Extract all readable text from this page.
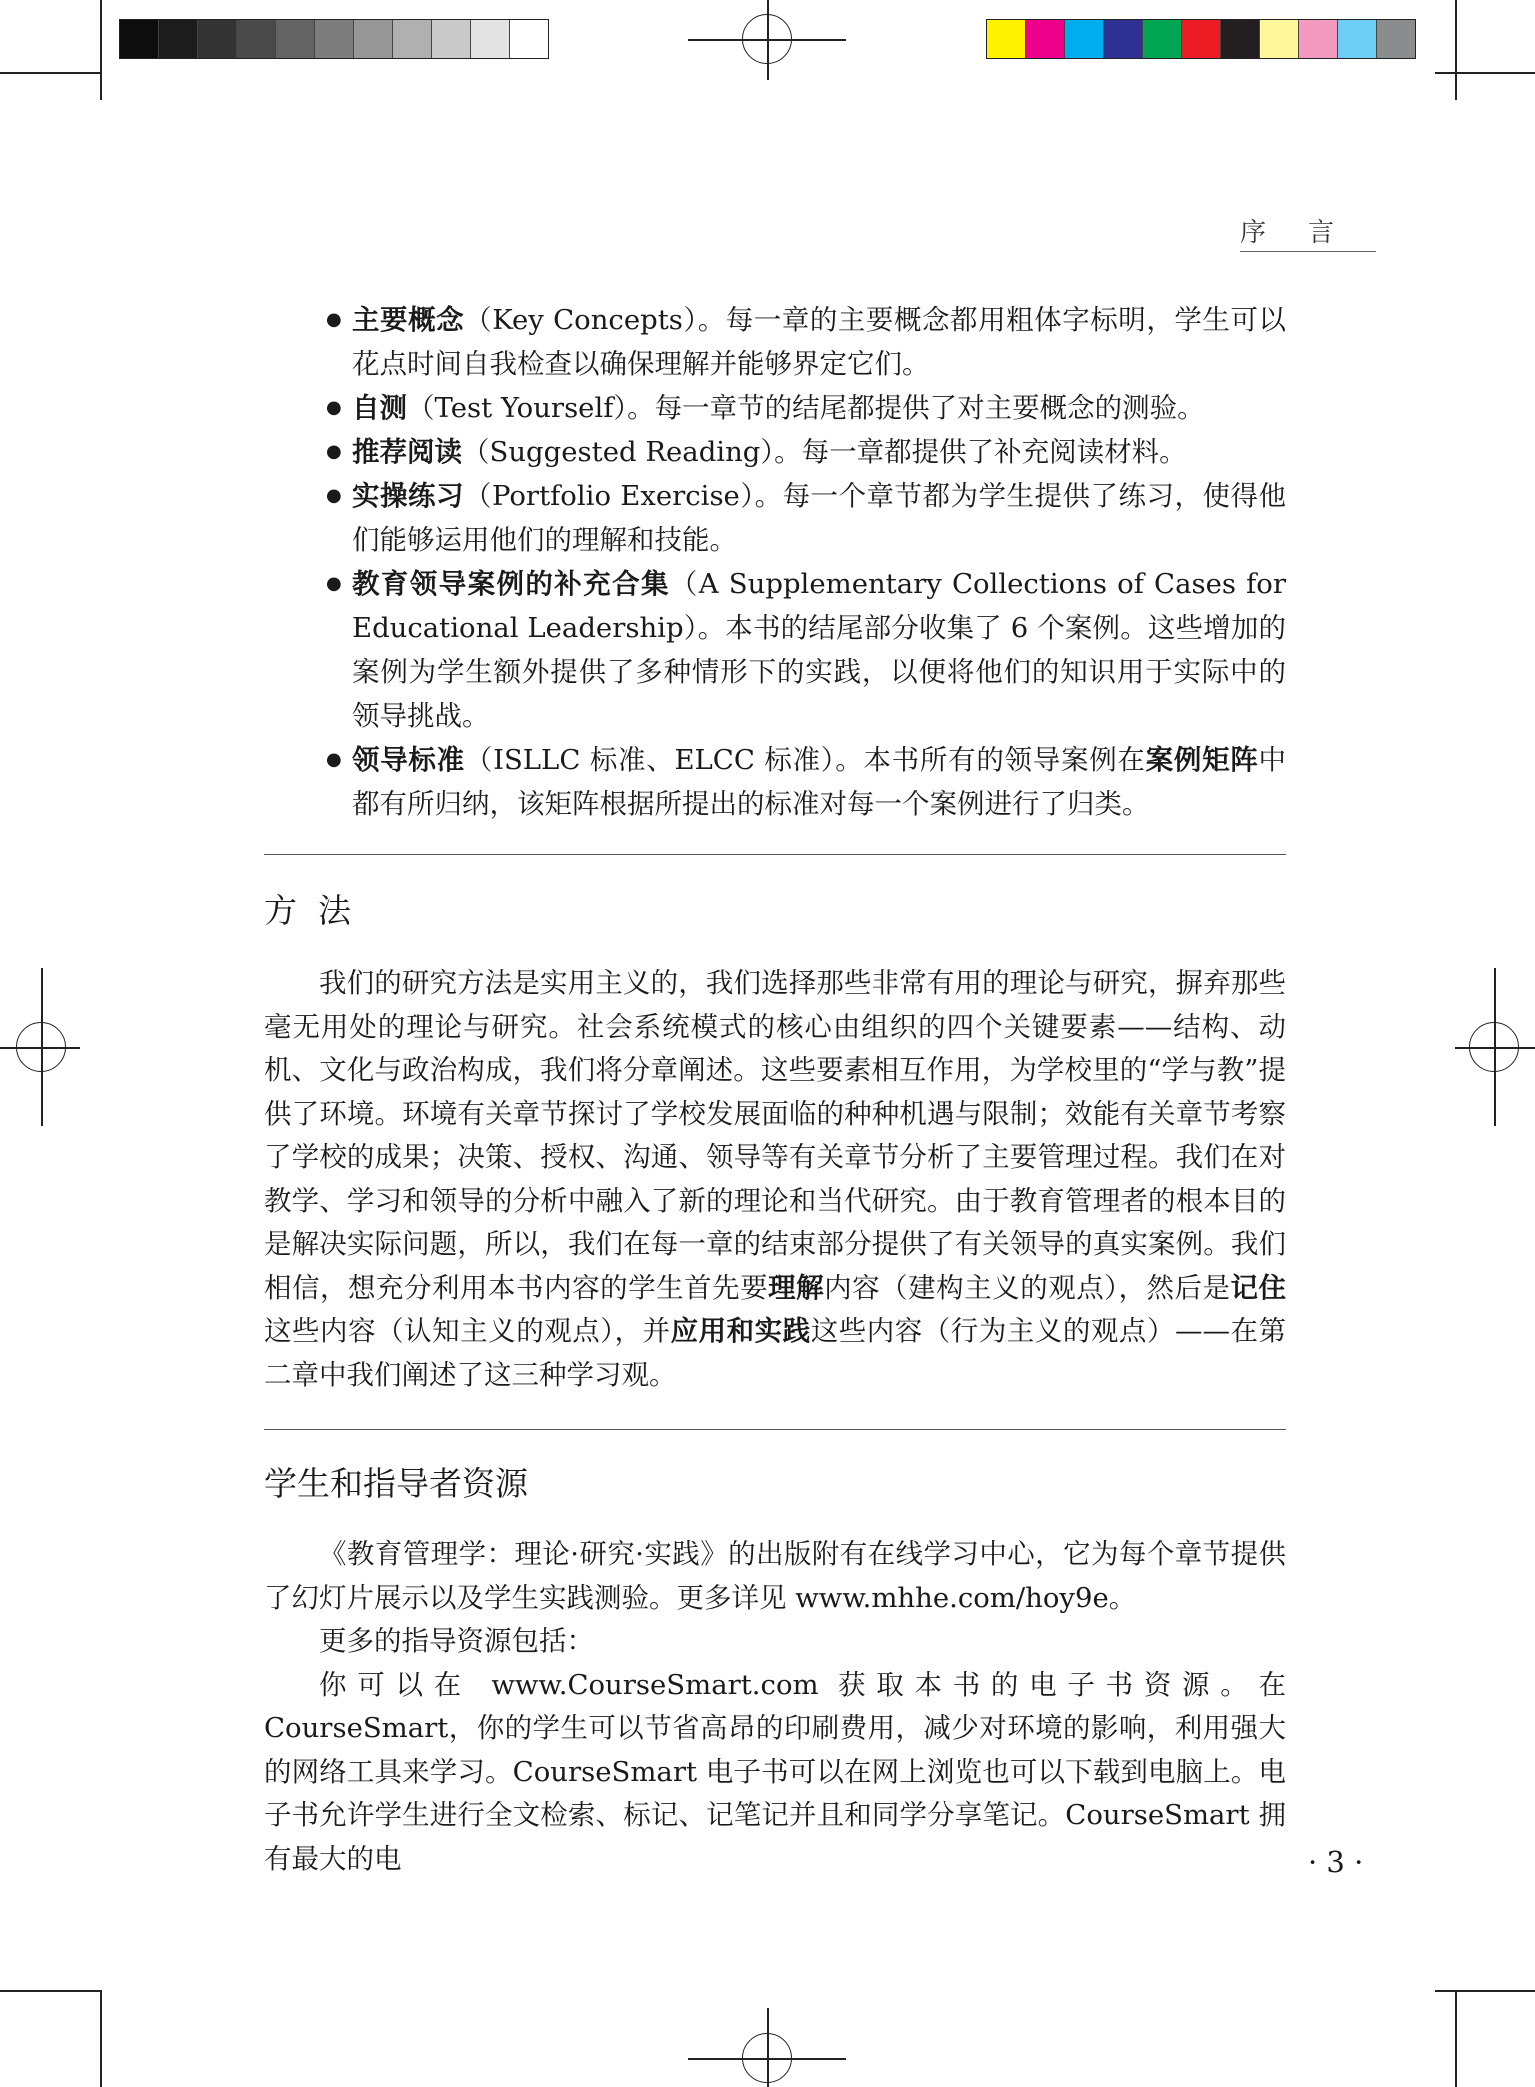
序言
● 主要概念（Key Concepts）。每一章的主要概念都用粗体字标明，学生可以花点时间自我检查以确保理解并能够界定它们。
● 自测（Test Yourself）。每一章节的结尾都提供了对主要概念的测验。
● 推荐阅读（Suggested Reading）。每一章都提供了补充阅读材料。
● 实操练习（Portfolio Exercise）。每一个章节都为学生提供了练习，使得他们能够运用他们的理解和技能。
● 教育领导案例的补充合集（A Supplementary Collections of Cases for Educational Leadership）。本书的结尾部分收集了 6 个案例。这些增加的案例为学生额外提供了多种情形下的实践，以便将他们的知识用于实际中的领导挑战。
● 领导标准（ISLLC 标准、ELCC 标准）。本书所有的领导案例在案例矩阵中都有所归纳，该矩阵根据所提出的标准对每一个案例进行了归类。
方  法

我们的研究方法是实用主义的，我们选择那些非常有用的理论与研究，摒弃那些毫无用处的理论与研究。社会系统模式的核心由组织的四个关键要素——结构、动机、文化与政治构成，我们将分章阐述。这些要素相互作用，为学校里的“学与教”提供了环境。环境有关章节探讨了学校发展面临的种种机遇与限制；效能有关章节考察了学校的成果；决策、授权、沟通、领导等有关章节分析了主要管理过程。我们在对教学、学习和领导的分析中融入了新的理论和当代研究。由于教育管理者的根本目的是解决实际问题，所以，我们在每一章的结束部分提供了有关领导的真实案例。我们相信，想充分利用本书内容的学生首先要理解内容（建构主义的观点），然后是记住这些内容（认知主义的观点），并应用和实践这些内容（行为主义的观点）——在第二章中我们阐述了这三种学习观。

学生和指导者资源

《教育管理学：理论·研究·实践》的出版附有在线学习中心，它为每个章节提供了幻灯片展示以及学生实践测验。更多详见 www.mhhe.com/hoy9e。

更多的指导资源包括：

你可以在 www.CourseSmart.com 获取本书的电子书资源。在 CourseSmart，你的学生可以节省高昂的印刷费用，减少对环境的影响，利用强大的网络工具来学习。CourseSmart 电子书可以在网上浏览也可以下载到电脑上。电子书允许学生进行全文检索、标记、记笔记并且和同学分享笔记。CourseSmart 拥有最大的电	· 3 ·
